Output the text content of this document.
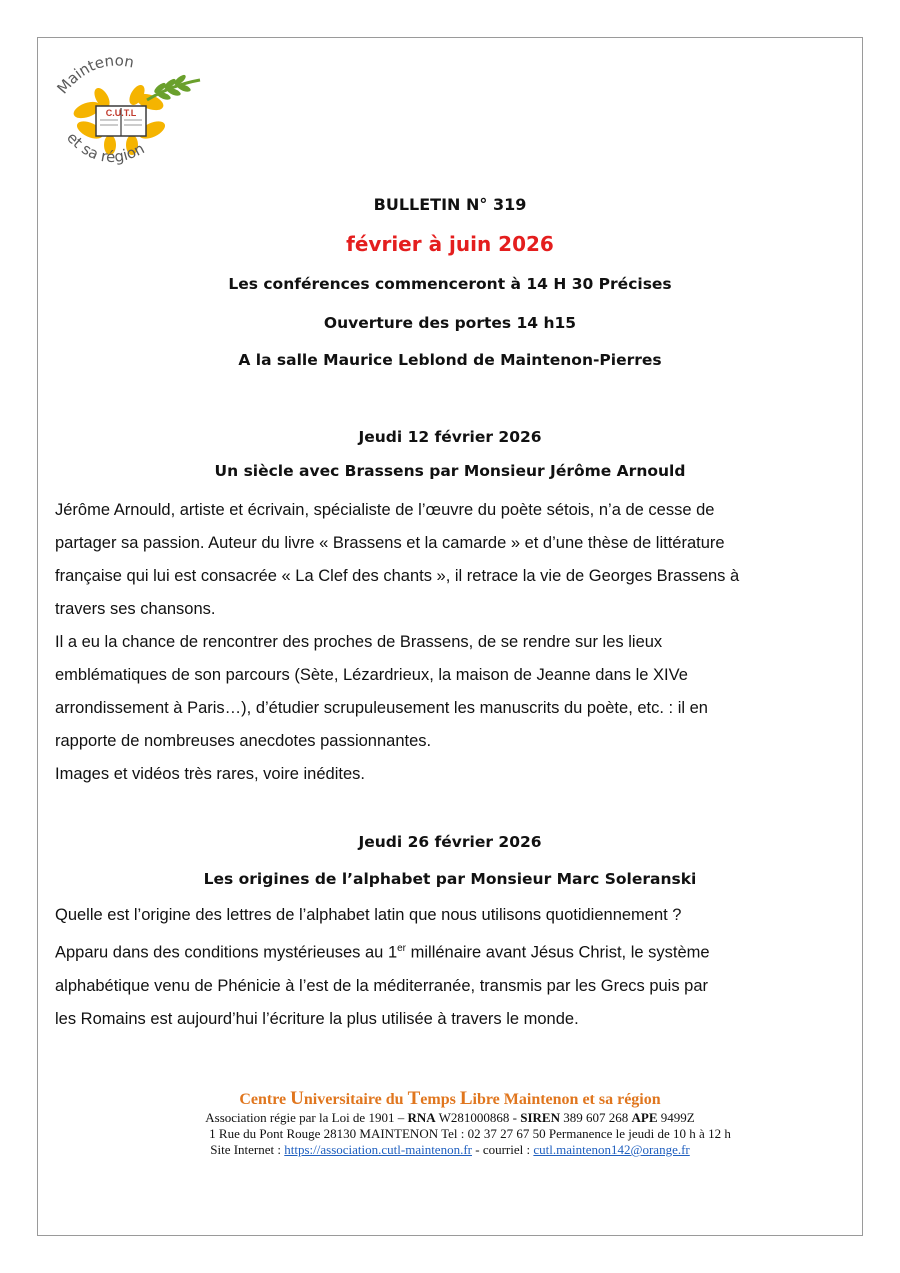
C.U.T.L
Maintenon
et sa région
BULLETIN N° 319
février à juin 2026
Les conférences commenceront à 14 H 30 Précises
Ouverture des portes 14 h15
A la salle Maurice Leblond de Maintenon-Pierres
Jeudi 12 février 2026
Un siècle avec Brassens par Monsieur Jérôme Arnould
Jérôme Arnould, artiste et écrivain, spécialiste de l’œuvre du poète sétois, n’a de cesse de
partager sa passion. Auteur du livre « Brassens et la camarde » et d’une thèse de littérature
française qui lui est consacrée « La Clef des chants », il retrace la vie de Georges Brassens à
travers ses chansons.
Il a eu la chance de rencontrer des proches de Brassens, de se rendre sur les lieux
emblématiques de son parcours (Sète, Lézardrieux, la maison de Jeanne dans le XIVe
arrondissement à Paris…), d’étudier scrupuleusement les manuscrits du poète, etc. : il en
rapporte de nombreuses anecdotes passionnantes.
Images et vidéos très rares, voire inédites.
Jeudi 26 février 2026
Les origines de l’alphabet par Monsieur Marc Soleranski
Quelle est l’origine des lettres de l’alphabet latin que nous utilisons quotidiennement ?
Apparu dans des conditions mystérieuses au 1er millénaire avant Jésus Christ, le système
alphabétique venu de Phénicie à l’est de la méditerranée, transmis par les Grecs puis par
les Romains est aujourd’hui l’écriture la plus utilisée à travers le monde.
Centre Universitaire du Temps Libre Maintenon et sa région
Association régie par la Loi de 1901 – RNA W281000868 - SIREN 389 607 268 APE 9499Z
1 Rue du Pont Rouge 28130 MAINTENON Tel : 02 37 27 67 50 Permanence le jeudi de 10 h à 12 h
Site Internet : https://association.cutl-maintenon.fr - courriel : cutl.maintenon142@orange.fr
